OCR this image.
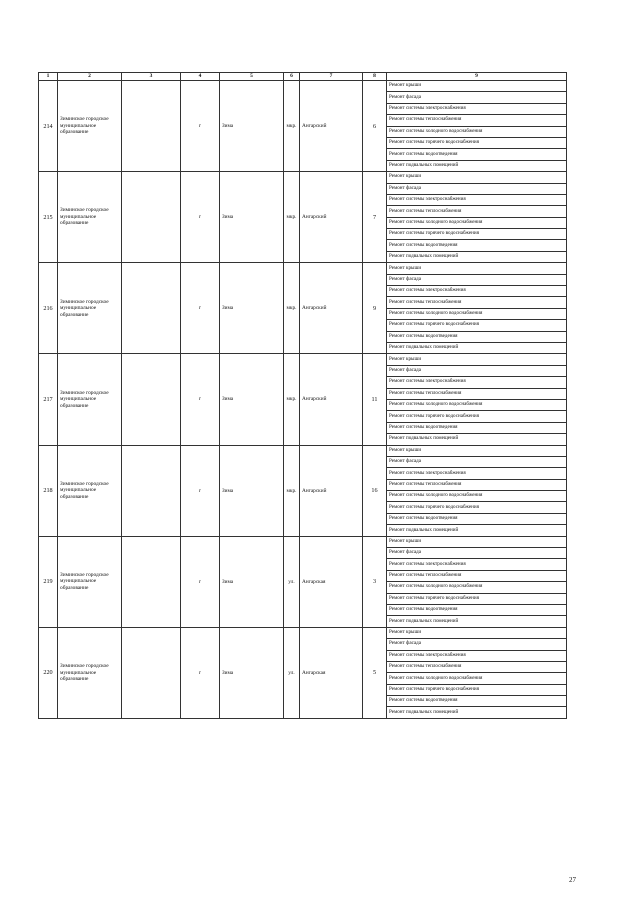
1	2	3	4	5	6	7	8	9
214	Зиминское городское муниципальное образование		г	Зима	мкр.	Ангарский	6	Ремонт крыши
								Ремонт фасада
								Ремонт системы электроснабжения
								Ремонт системы теплоснабжения
								Ремонт системы холодного водоснабжения
								Ремонт системы горячего водоснабжения
								Ремонт системы водоотведения
								Ремонт подвальных помещений
215	Зиминское городское муниципальное образование		г	Зима	мкр.	Ангарский	7	Ремонт крыши
								Ремонт фасада
								Ремонт системы электроснабжения
								Ремонт системы теплоснабжения
								Ремонт системы холодного водоснабжения
								Ремонт системы горячего водоснабжения
								Ремонт системы водоотведения
								Ремонт подвальных помещений
216	Зиминское городское муниципальное образование		г	Зима	мкр.	Ангарский	9	Ремонт крыши
								Ремонт фасада
								Ремонт системы электроснабжения
								Ремонт системы теплоснабжения
								Ремонт системы холодного водоснабжения
								Ремонт системы горячего водоснабжения
								Ремонт системы водоотведения
								Ремонт подвальных помещений
217	Зиминское городское муниципальное образование		г	Зима	мкр.	Ангарский	11	Ремонт крыши
								Ремонт фасада
								Ремонт системы электроснабжения
								Ремонт системы теплоснабжения
								Ремонт системы холодного водоснабжения
								Ремонт системы горячего водоснабжения
								Ремонт системы водоотведения
								Ремонт подвальных помещений
218	Зиминское городское муниципальное образование		г	Зима	мкр.	Ангарский	16	Ремонт крыши
								Ремонт фасада
								Ремонт системы электроснабжения
								Ремонт системы теплоснабжения
								Ремонт системы холодного водоснабжения
								Ремонт системы горячего водоснабжения
								Ремонт системы водоотведения
								Ремонт подвальных помещений
219	Зиминское городское муниципальное образование		г	Зима	ул.	Ангарская	3	Ремонт крыши
								Ремонт фасада
								Ремонт системы электроснабжения
								Ремонт системы теплоснабжения
								Ремонт системы холодного водоснабжения
								Ремонт системы горячего водоснабжения
								Ремонт системы водоотведения
								Ремонт подвальных помещений
220	Зиминское городское муниципальное образование		г	Зима	ул.	Ангарская	5	Ремонт крыши
								Ремонт фасада
								Ремонт системы электроснабжения
								Ремонт системы теплоснабжения
								Ремонт системы холодного водоснабжения
								Ремонт системы горячего водоснабжения
								Ремонт системы водоотведения
								Ремонт подвальных помещений
27
